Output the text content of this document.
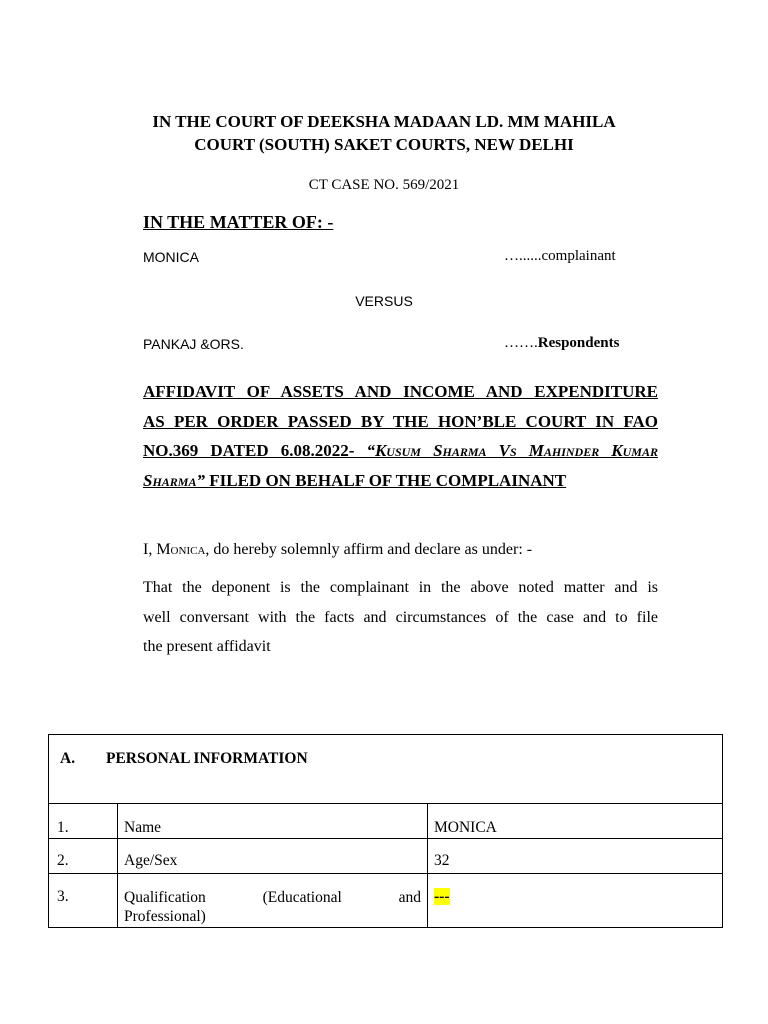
IN THE COURT OF DEEKSHA MADAAN LD. MM MAHILA
COURT (SOUTH) SAKET COURTS, NEW DELHI
CT CASE NO. 569/2021
IN THE MATTER OF: -
MONICA	…......complainant
VERSUS
PANKAJ &ORS.	…….Respondents
AFFIDAVIT OF ASSETS AND INCOME AND EXPENDITURE
AS PER ORDER PASSED BY THE HON’BLE COURT IN FAO
NO.369 DATED 6.08.2022- “Kusum Sharma Vs Mahinder Kumar
Sharma” FILED ON BEHALF OF THE COMPLAINANT
I, Monica, do hereby solemnly affirm and declare as under: -
That the deponent is the complainant in the above noted matter and is
well conversant with the facts and circumstances of the case and to file
the present affidavit
A. PERSONAL INFORMATION		
1.	Name	MONICA
2.	Age/Sex	32
3.	Qualification (Educational and
Professional)	---
